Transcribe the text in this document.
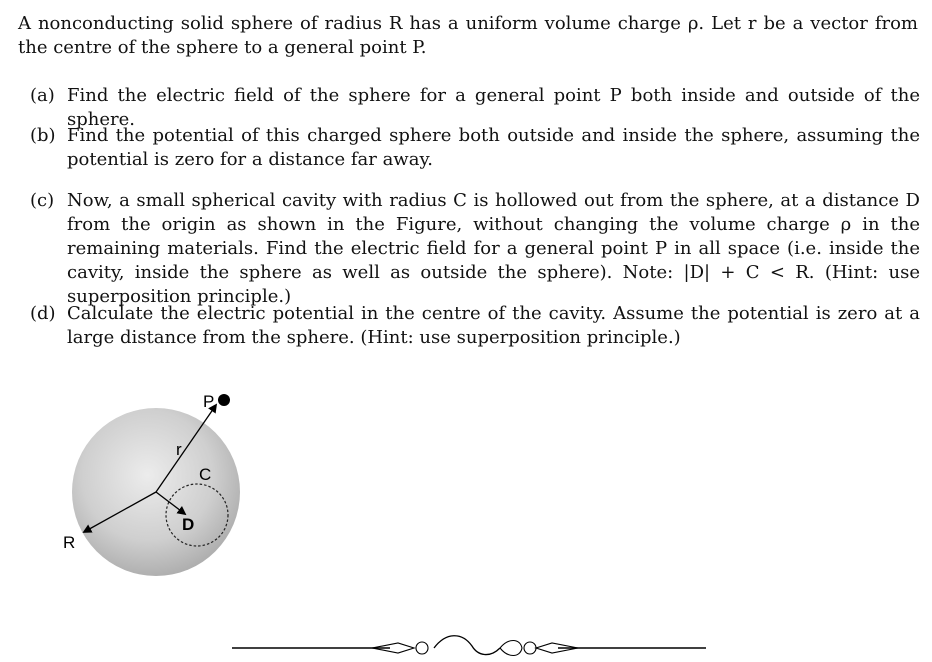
A nonconducting solid sphere of radius R has a uniform volume charge ρ. Let r be a vector from the centre of the sphere to a general point P.
(a) Find the electric field of the sphere for a general point P both inside and outside of the sphere.
(b) Find the potential of this charged sphere both outside and inside the sphere, assuming the potential is zero for a distance far away.
(c) Now, a small spherical cavity with radius C is hollowed out from the sphere, at a distance D from the origin as shown in the Figure, without changing the volume charge ρ in the remaining materials. Find the electric field for a general point P in all space (i.e. inside the cavity, inside the sphere as well as outside the sphere). Note: |D| + C < R. (Hint: use superposition principle.)
(d) Calculate the electric potential in the centre of the cavity. Assume the potential is zero at a large distance from the sphere. (Hint: use superposition principle.)
P
r
C
D
R
